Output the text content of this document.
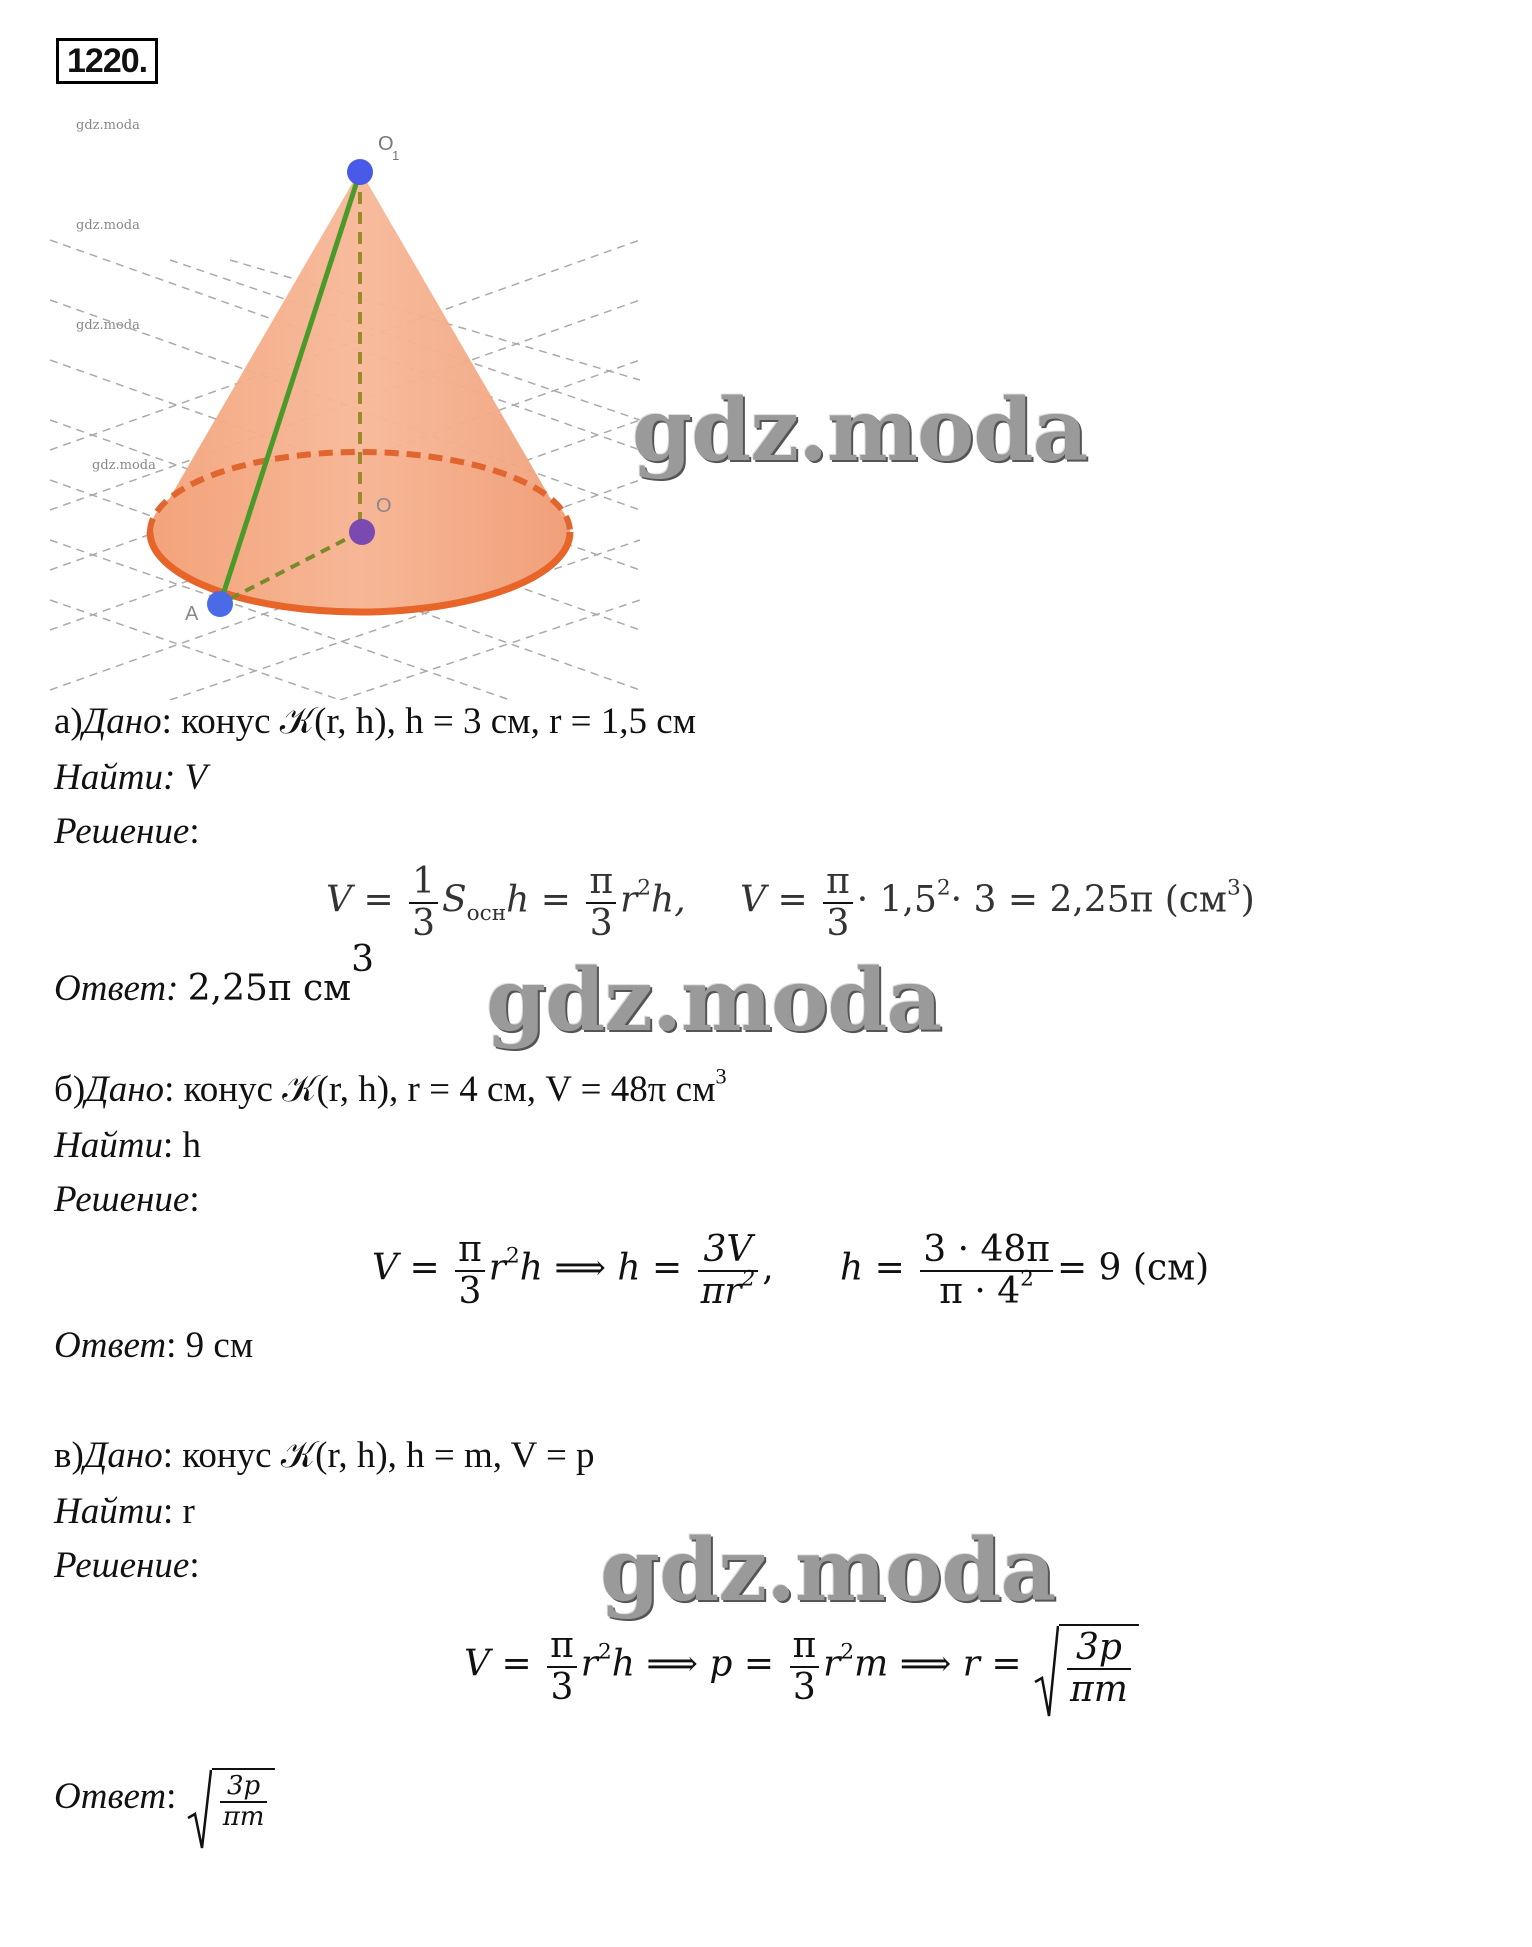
1220.
gdz.moda
gdz.moda
gdz.moda
gdz.moda
O
1
O
A
gdz.moda
gdz.moda
gdz.moda
а)Дано: конус 𝒦(r, h), h = 3 см, r = 1,5 см
Найти: V
Решение:
$V = \frac{1}{3} S_{осн}h = \frac{\pi}{3} r^2h$, $V = \frac{\pi}{3} \cdot 1,5^2\cdot 3 = 2,25\pi$ $(см^3)$
Ответ: 2,25π $см^3$
б)Дано: конус 𝒦(r, h), r = 4 см, V = 48π $см^3$
Найти: h
Решение:
$V = \frac{\pi}{3} r^2h$ ⟹ $h = \frac{3V}{\pi r^2}$ , $h = \frac{3 \cdot 48\pi}{\pi \cdot 4^2} = 9$ (см)
Ответ: 9 см
в)Дано: конус 𝒦(r, h), h = m, V = p
Найти: r
Решение:
$V = \frac{\pi}{3} r^2h$ ⟹ $p = \frac{\pi}{3} r^2m$ ⟹ $r = \frac{3p}{\pi m}$
Ответ: $\frac{3p}{\pi m}$
